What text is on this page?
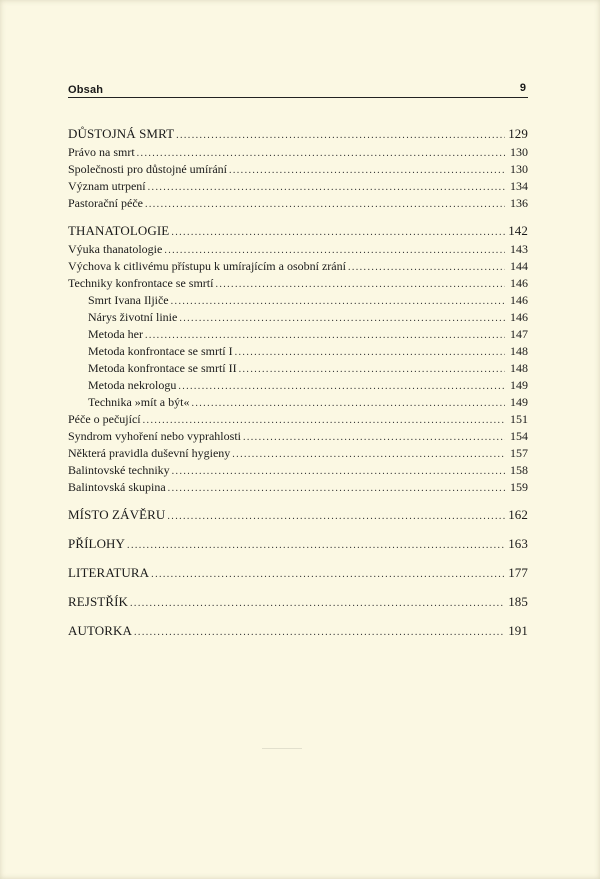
Obsah	9
DŮSTOJNÁ SMRT .....	129
Právo na smrt .....	130
Společnosti pro důstojné umírání .....	130
Význam utrpení .....	134
Pastorační péče .....	136
THANATOLOGIE .....	142
Výuka thanatologie .....	143
Výchova k citlivému přístupu k umírajícím a osobní zrání .....	144
Techniky konfrontace se smrtí .....	146
Smrt Ivana Iljiče .....	146
Nárys životní linie .....	146
Metoda her .....	147
Metoda konfrontace se smrtí I .....	148
Metoda konfrontace se smrtí II .....	148
Metoda nekrologu .....	149
Technika »mít a být« .....	149
Péče o pečující .....	151
Syndrom vyhoření nebo vyprahlosti .....	154
Některá pravidla duševní hygieny .....	157
Balintovské techniky .....	158
Balintovská skupina .....	159
MÍSTO ZÁVĚRU .....	162
PŘÍLOHY .....	163
LITERATURA .....	177
REJSTŘÍK .....	185
AUTORKA .....	191
